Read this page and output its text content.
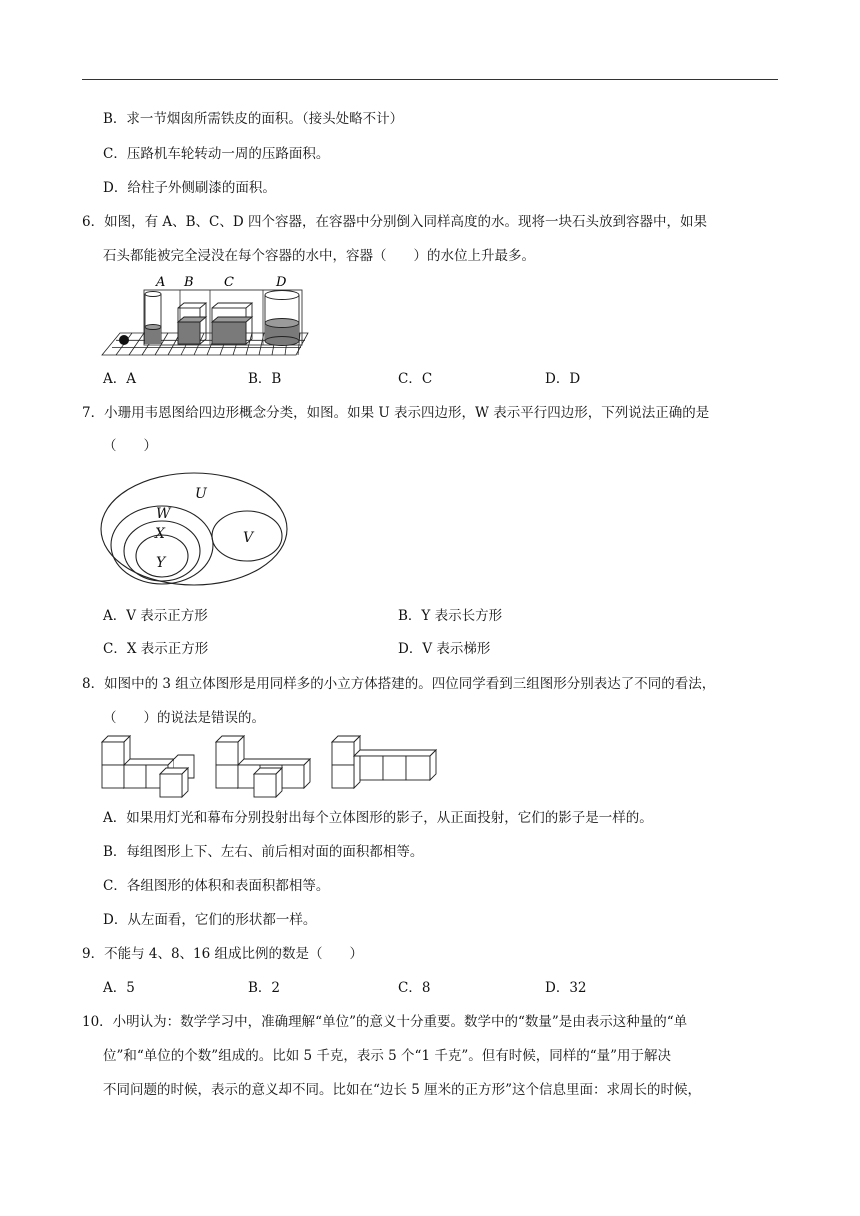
B．求一节烟囱所需铁皮的面积。（接头处略不计）
C．压路机车轮转动一周的压路面积。
D．给柱子外侧刷漆的面积。
6．如图，有 A、B、C、D 四个容器，在容器中分别倒入同样高度的水。现将一块石头放到容器中，如果
石头都能被完全浸没在每个容器的水中，容器（　　）的水位上升最多。
A B C	D
A．A	B．B	C．C	D．D
7．小珊用韦恩图给四边形概念分类，如图。如果 U 表示四边形，W 表示平行四边形，下列说法正确的是
（　　）
U
W
X
Y
V
A．V 表示正方形	B．Y 表示长方形
C．X 表示正方形	D．V 表示梯形
8．如图中的 3 组立体图形是用同样多的小立方体搭建的。四位同学看到三组图形分别表达了不同的看法，
（　　）的说法是错误的。
A．如果用灯光和幕布分别投射出每个立体图形的影子，从正面投射，它们的影子是一样的。
B．每组图形上下、左右、前后相对面的面积都相等。
C．各组图形的体积和表面积都相等。
D．从左面看，它们的形状都一样。
9．不能与 4、8、16 组成比例的数是（　　）
A．5	B．2	C．8	D．32
10．小明认为：数学学习中，准确理解“单位”的意义十分重要。数学中的“数量”是由表示这种量的“单
位”和“单位的个数”组成的。比如 5 千克，表示 5 个“1 千克”。但有时候，同样的“量”用于解决
不同问题的时候，表示的意义却不同。比如在“边长 5 厘米的正方形”这个信息里面：求周长的时候，
